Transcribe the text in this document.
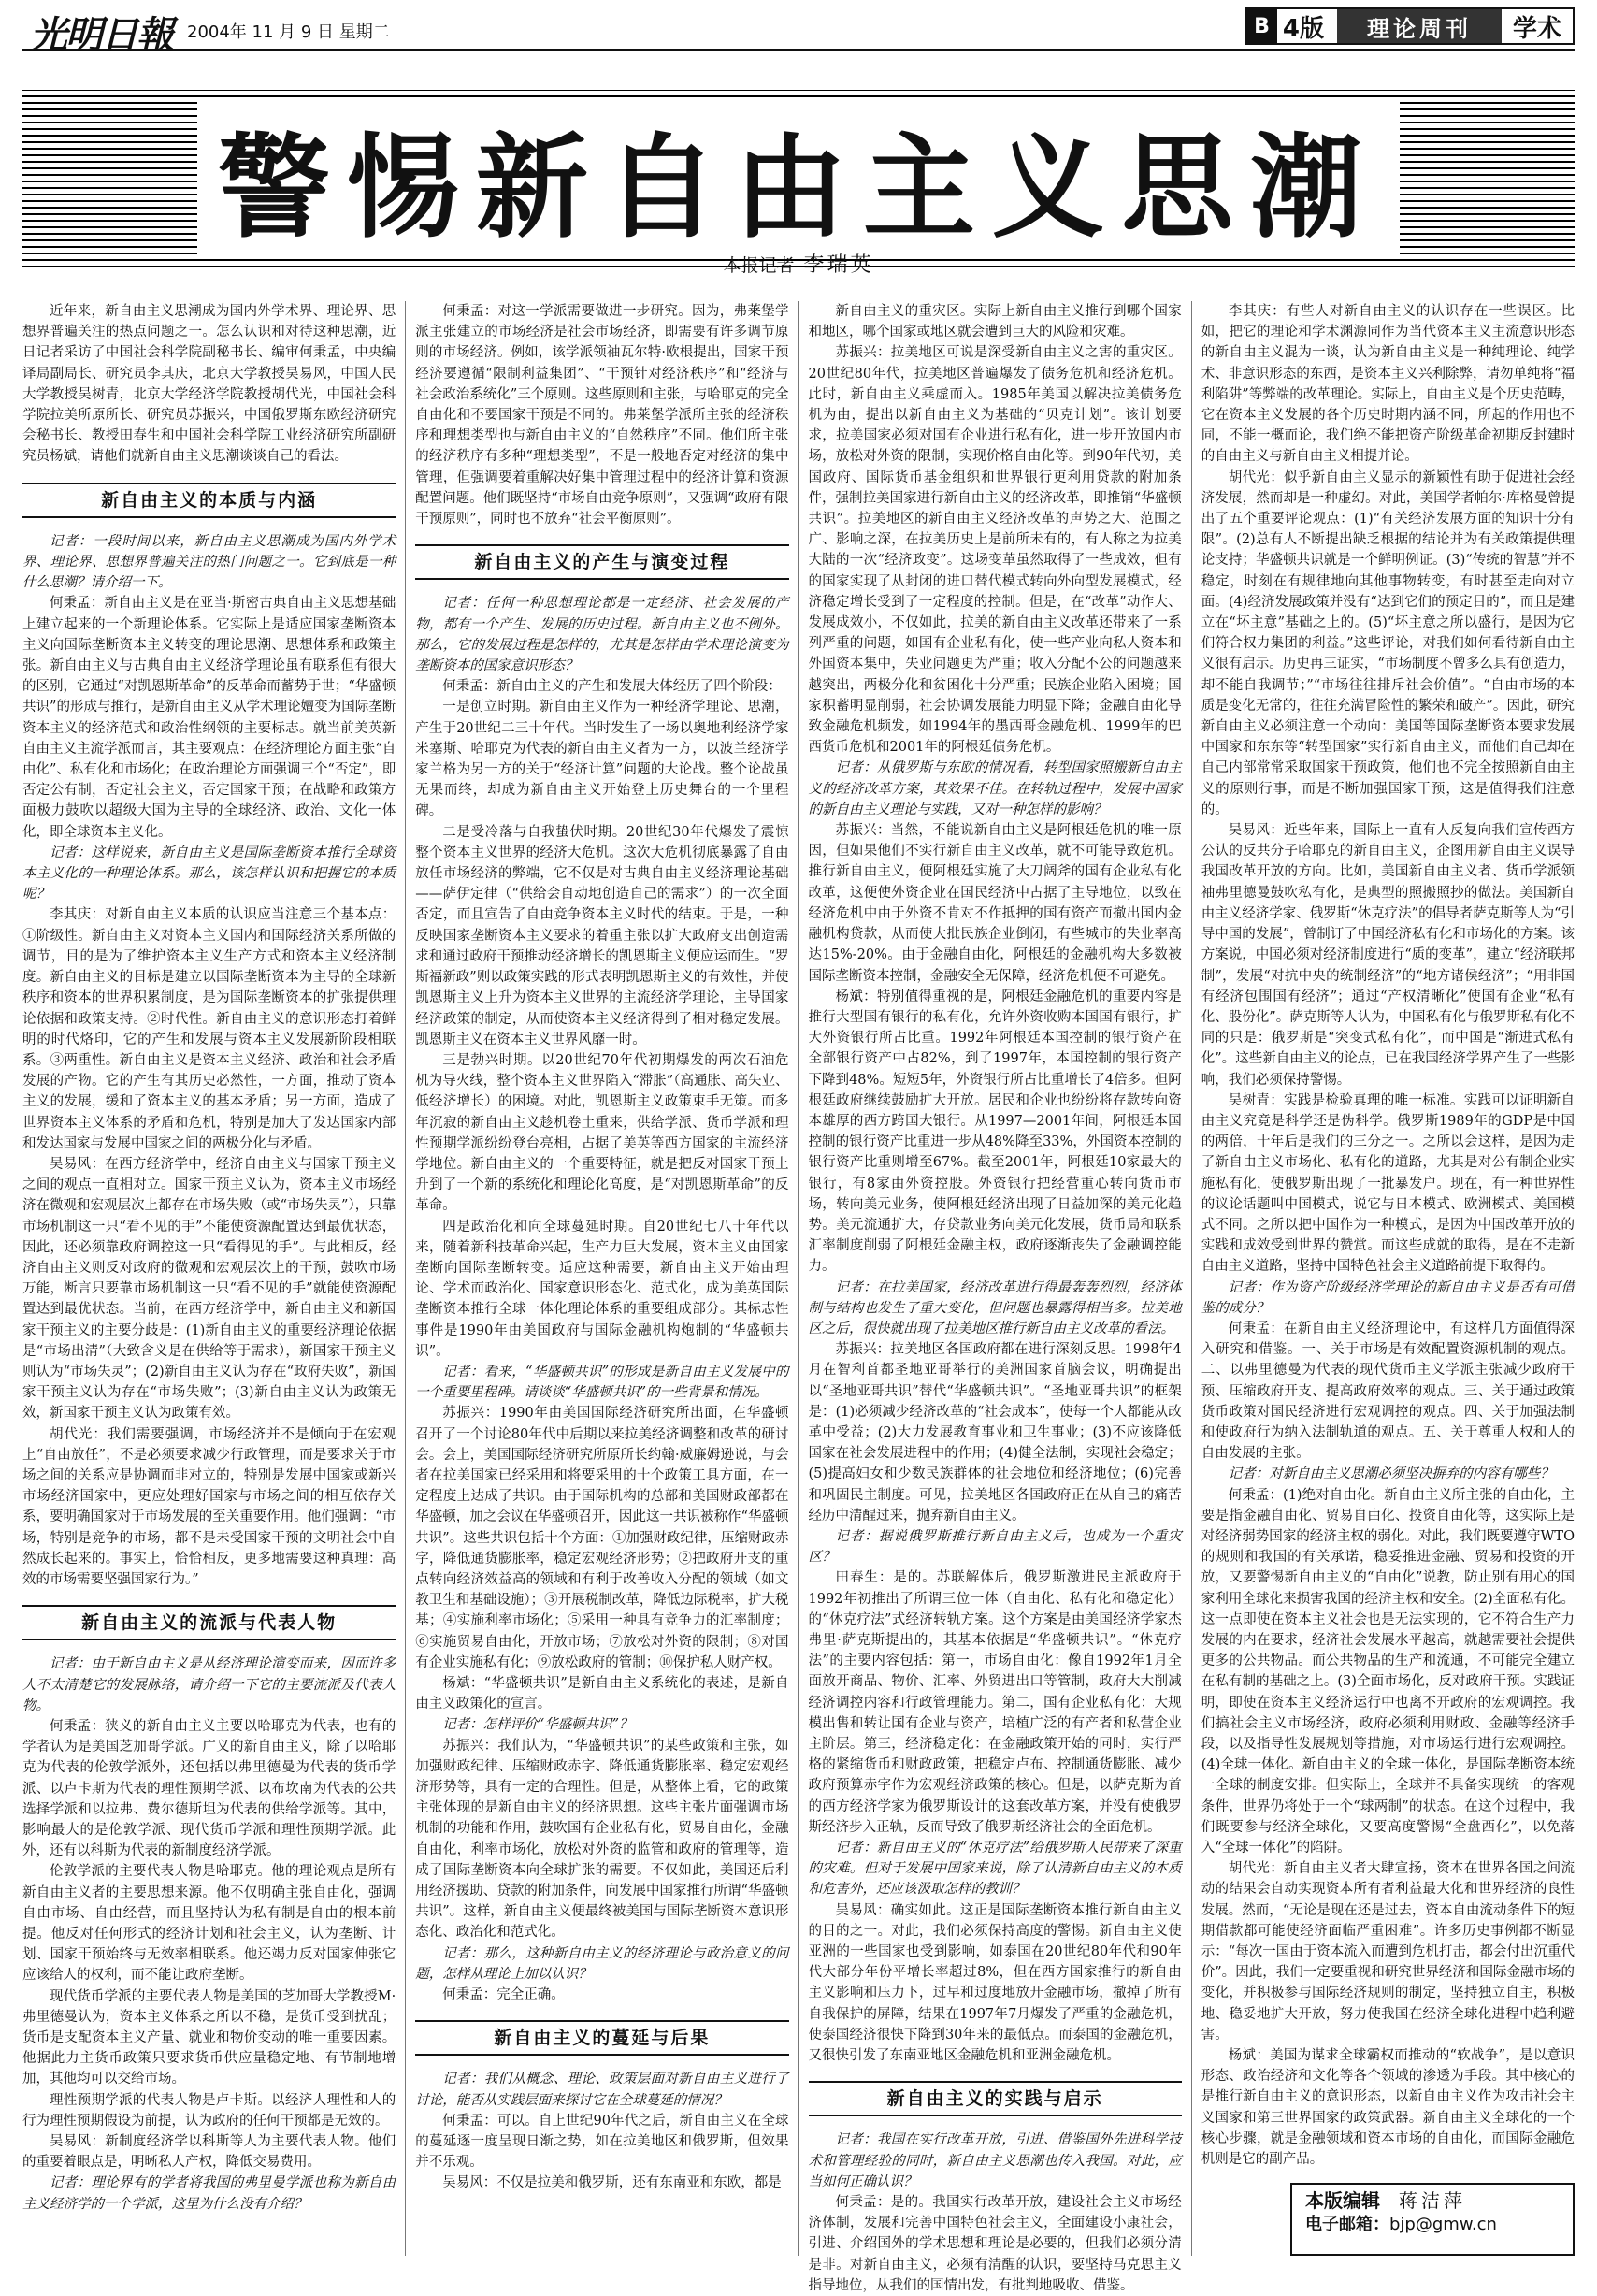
光明日報 2004年 11 月 9 日 星期二	B 4版	理论周刊	学术
警惕新自由主义思潮
本报记者 李瑞英

近年来，新自由主义思潮成为国内外学术界、理论界、思想界普遍关注的热点问题之一。怎么认识和对待这种思潮，近日记者采访了中国社会科学院副秘书长、编审何秉孟，中央编译局副局长、研究员李其庆，北京大学教授吴易风，中国人民大学教授吴树青，北京大学经济学院教授胡代光，中国社会科学院拉美所原所长、研究员苏振兴，中国俄罗斯东欧经济研究会秘书长、教授田春生和中国社会科学院工业经济研究所副研究员杨斌，请他们就新自由主义思潮谈谈自己的看法。

新自由主义的本质与内涵

记者：一段时间以来，新自由主义思潮成为国内外学术界、理论界、思想界普遍关注的热门问题之一。它到底是一种什么思潮？请介绍一下。

何秉孟：新自由主义是在亚当·斯密古典自由主义思想基础上建立起来的一个新理论体系。它实际上是适应国家垄断资本主义向国际垄断资本主义转变的理论思潮、思想体系和政策主张。新自由主义与古典自由主义经济学理论虽有联系但有很大的区别，它通过“对凯恩斯革命”的反革命而蓄势于世；“华盛顿共识”的形成与推行，是新自由主义从学术理论嬗变为国际垄断资本主义的经济范式和政治性纲领的主要标志。就当前美英新自由主义主流学派而言，其主要观点：在经济理论方面主张“自由化”、私有化和市场化；在政治理论方面强调三个“否定”，即否定公有制，否定社会主义，否定国家干预；在战略和政策方面极力鼓吹以超级大国为主导的全球经济、政治、文化一体化，即全球资本主义化。

记者：这样说来，新自由主义是国际垄断资本推行全球资本主义化的一种理论体系。那么，该怎样认识和把握它的本质呢？

李其庆：对新自由主义本质的认识应当注意三个基本点：①阶级性。新自由主义对资本主义国内和国际经济关系所做的调节，目的是为了维护资本主义生产方式和资本主义经济制度。新自由主义的目标是建立以国际垄断资本为主导的全球新秩序和资本的世界积累制度，是为国际垄断资本的扩张提供理论依据和政策支持。②时代性。新自由主义的意识形态打着鲜明的时代烙印，它的产生和发展与资本主义发展新阶段相联系。③两重性。新自由主义是资本主义经济、政治和社会矛盾发展的产物。它的产生有其历史必然性，一方面，推动了资本主义的发展，缓和了资本主义的基本矛盾；另一方面，造成了世界资本主义体系的矛盾和危机，特别是加大了发达国家内部和发达国家与发展中国家之间的两极分化与矛盾。

吴易风：在西方经济学中，经济自由主义与国家干预主义之间的观点一直相对立。国家干预主义认为，资本主义市场经济在微观和宏观层次上都存在市场失败（或“市场失灵”），只靠市场机制这一只“看不见的手”不能使资源配置达到最优状态，因此，还必须靠政府调控这一只“看得见的手”。与此相反，经济自由主义则反对政府的微观和宏观层次上的干预，鼓吹市场万能，断言只要靠市场机制这一只“看不见的手”就能使资源配置达到最优状态。当前，在西方经济学中，新自由主义和新国家干预主义的主要分歧是：(1)新自由主义的重要经济理论依据是“市场出清”（大致含义是在供给等于需求），新国家干预主义则认为“市场失灵”；(2)新自由主义认为存在“政府失败”，新国家干预主义认为存在“市场失败”；(3)新自由主义认为政策无效，新国家干预主义认为政策有效。

胡代光：我们需要强调，市场经济并不是倾向于在宏观上“自由放任”，不是必须要求减少行政管理，而是要求关于市场之间的关系应是协调而非对立的，特别是发展中国家或新兴市场经济国家中，更应处理好国家与市场之间的相互依存关系，要明确国家对于市场发展的至关重要作用。他们强调：“市场，特别是竞争的市场，都不是未受国家干预的文明社会中自然成长起来的。事实上，恰恰相反，更多地需要这种真理：高效的市场需要坚强国家行为。”

新自由主义的流派与代表人物

记者：由于新自由主义是从经济理论演变而来，因而许多人不太清楚它的发展脉络，请介绍一下它的主要流派及代表人物。

何秉孟：狭义的新自由主义主要以哈耶克为代表，也有的学者认为是美国芝加哥学派。广义的新自由主义，除了以哈耶克为代表的伦敦学派外，还包括以弗里德曼为代表的货币学派、以卢卡斯为代表的理性预期学派、以布坎南为代表的公共选择学派和以拉弗、费尔德斯坦为代表的供给学派等。其中，影响最大的是伦敦学派、现代货币学派和理性预期学派。此外，还有以科斯为代表的新制度经济学派。

伦敦学派的主要代表人物是哈耶克。他的理论观点是所有新自由主义者的主要思想来源。他不仅明确主张自由化，强调自由市场、自由经营，而且坚持认为私有制是自由的根本前提。他反对任何形式的经济计划和社会主义，认为垄断、计划、国家干预始终与无效率相联系。他还竭力反对国家伸张它应该给人的权利，而不能让政府垄断。

现代货币学派的主要代表人物是美国的芝加哥大学教授M·弗里德曼认为，资本主义体系之所以不稳，是货币受到扰乱；货币是支配资本主义产量、就业和物价变动的唯一重要因素。他据此力主货币政策只要求货币供应量稳定地、有节制地增加，其他均可以交给市场。

理性预期学派的代表人物是卢卡斯。以经济人理性和人的行为理性预期假设为前提，认为政府的任何干预都是无效的。

吴易风：新制度经济学以科斯等人为主要代表人物。他们的重要着眼点是，明晰私人产权，降低交易费用。

记者：理论界有的学者将我国的弗里曼学派也称为新自由主义经济学的一个学派，这里为什么没有介绍？

何秉孟：对这一学派需要做进一步研究。因为，弗莱堡学派主张建立的市场经济是社会市场经济，即需要有许多调节原则的市场经济。例如，该学派领袖瓦尔特·欧根提出，国家干预经济要遵循“限制利益集团”、“干预针对经济秩序”和“经济与社会政治系统化”三个原则。这些原则和主张，与哈耶克的完全自由化和不要国家干预是不同的。弗莱堡学派所主张的经济秩序和理想类型也与新自由主义的“自然秩序”不同。他们所主张的经济秩序有多种“理想类型”，不是一般地否定对经济的集中管理，但强调要着重解决好集中管理过程中的经济计算和资源配置问题。他们既坚持“市场自由竞争原则”，又强调“政府有限干预原则”，同时也不放弃“社会平衡原则”。

新自由主义的产生与演变过程

记者：任何一种思想理论都是一定经济、社会发展的产物，都有一个产生、发展的历史过程。新自由主义也不例外。那么，它的发展过程是怎样的，尤其是怎样由学术理论演变为垄断资本的国家意识形态？

何秉孟：新自由主义的产生和发展大体经历了四个阶段：

一是创立时期。新自由主义作为一种经济学理论、思潮，产生于20世纪二三十年代。当时发生了一场以奥地利经济学家米塞斯、哈耶克为代表的新自由主义者为一方，以波兰经济学家兰格为另一方的关于“经济计算”问题的大论战。整个论战虽无果而终，却成为新自由主义开始登上历史舞台的一个里程碑。

二是受冷落与自我蛰伏时期。20世纪30年代爆发了震惊整个资本主义世界的经济大危机。这次大危机彻底暴露了自由放任市场经济的弊端，它不仅是对古典自由主义经济理论基础——萨伊定律（“供给会自动地创造自己的需求”）的一次全面否定，而且宣告了自由竞争资本主义时代的结束。于是，一种反映国家垄断资本主义要求的着重主张以扩大政府支出创造需求和通过政府干预推动经济增长的凯恩斯主义便应运而生。“罗斯福新政”则以政策实践的形式表明凯恩斯主义的有效性，并使凯恩斯主义上升为资本主义世界的主流经济学理论，主导国家经济政策的制定，从而使资本主义经济得到了相对稳定发展。凯恩斯主义在资本主义世界风靡一时。

三是勃兴时期。以20世纪70年代初期爆发的两次石油危机为导火线，整个资本主义世界陷入“滞胀”（高通胀、高失业、低经济增长）的困境。对此，凯恩斯主义政策束手无策。而多年沉寂的新自由主义趁机卷土重来，供给学派、货币学派和理性预期学派纷纷登台亮相，占据了美英等西方国家的主流经济学地位。新自由主义的一个重要特征，就是把反对国家干预上升到了一个新的系统化和理论化高度，是“对凯恩斯革命”的反革命。

四是政治化和向全球蔓延时期。自20世纪七八十年代以来，随着新科技革命兴起，生产力巨大发展，资本主义由国家垄断向国际垄断转变。适应这种需要，新自由主义开始由理论、学术而政治化、国家意识形态化、范式化，成为美英国际垄断资本推行全球一体化理论体系的重要组成部分。其标志性事件是1990年由美国政府与国际金融机构炮制的“华盛顿共识”。

记者：看来，“华盛顿共识”的形成是新自由主义发展中的一个重要里程碑。请谈谈“华盛顿共识”的一些背景和情况。

苏振兴：1990年由美国国际经济研究所出面，在华盛顿召开了一个讨论80年代中后期以来拉美经济调整和改革的研讨会。会上，美国国际经济研究所原所长约翰·威廉姆逊说，与会者在拉美国家已经采用和将要采用的十个政策工具方面，在一定程度上达成了共识。由于国际机构的总部和美国财政部都在华盛顿，加之会议在华盛顿召开，因此这一共识被称作“华盛顿共识”。这些共识包括十个方面：①加强财政纪律，压缩财政赤字，降低通货膨胀率，稳定宏观经济形势；②把政府开支的重点转向经济效益高的领域和有利于改善收入分配的领域（如文教卫生和基础设施）；③开展税制改革，降低边际税率，扩大税基；④实施利率市场化；⑤采用一种具有竞争力的汇率制度；⑥实施贸易自由化，开放市场；⑦放松对外资的限制；⑧对国有企业实施私有化；⑨放松政府的管制；⑩保护私人财产权。

杨斌：“华盛顿共识”是新自由主义系统化的表述，是新自由主义政策化的宣言。

记者：怎样评价“华盛顿共识”？

苏振兴：我们认为，“华盛顿共识”的某些政策和主张，如加强财政纪律、压缩财政赤字、降低通货膨胀率、稳定宏观经济形势等，具有一定的合理性。但是，从整体上看，它的政策主张体现的是新自由主义的经济思想。这些主张片面强调市场机制的功能和作用，鼓吹国有企业私有化，贸易自由化，金融自由化，利率市场化，放松对外资的监管和政府的管理等，造成了国际垄断资本向全球扩张的需要。不仅如此，美国还后利用经济援助、贷款的附加条件，向发展中国家推行所谓“华盛顿共识”。这样，新自由主义便最终被美国与国际垄断资本意识形态化、政治化和范式化。

记者：那么，这种新自由主义的经济理论与政治意义的问题，怎样从理论上加以认识？

何秉孟：完全正确。

新自由主义的蔓延与后果

记者：我们从概念、理论、政策层面对新自由主义进行了讨论，能否从实践层面来探讨它在全球蔓延的情况？

何秉孟：可以。自上世纪90年代之后，新自由主义在全球的蔓延逐一度呈现日渐之势，如在拉美地区和俄罗斯，但效果并不乐观。

吴易风：不仅是拉美和俄罗斯，还有东南亚和东欧，都是

新自由主义的重灾区。实际上新自由主义推行到哪个国家和地区，哪个国家或地区就会遭到巨大的风险和灾难。

苏振兴：拉美地区可说是深受新自由主义之害的重灾区。20世纪80年代，拉美地区普遍爆发了债务危机和经济危机。此时，新自由主义乘虚而入。1985年美国以解决拉美债务危机为由，提出以新自由主义为基础的“贝克计划”。该计划要求，拉美国家必须对国有企业进行私有化，进一步开放国内市场，放松对外资的限制，实现价格自由化等。到90年代初，美国政府、国际货币基金组织和世界银行更利用贷款的附加条件，强制拉美国家进行新自由主义的经济改革，即推销“华盛顿共识”。拉美地区的新自由主义经济改革的声势之大、范围之广、影响之深，在拉美历史上是前所未有的，有人称之为拉美大陆的一次“经济政变”。这场变革虽然取得了一些成效，但有的国家实现了从封闭的进口替代模式转向外向型发展模式，经济稳定增长受到了一定程度的控制。但是，在“改革”动作大、发展成效小，不仅如此，拉美的新自由主义改革还带来了一系列严重的问题，如国有企业私有化，使一些产业向私人资本和外国资本集中，失业问题更为严重；收入分配不公的问题越来越突出，两极分化和贫困化十分严重；民族企业陷入困境；国家积蓄明显削弱，社会协调发展能力明显下降；金融自由化导致金融危机频发，如1994年的墨西哥金融危机、1999年的巴西货币危机和2001年的阿根廷债务危机。

记者：从俄罗斯与东欧的情况看，转型国家照搬新自由主义的经济改革方案，其效果不佳。在转轨过程中，发展中国家的新自由主义理论与实践，又对一种怎样的影响？

苏振兴：当然，不能说新自由主义是阿根廷危机的唯一原因，但如果他们不实行新自由主义改革，就不可能导致危机。推行新自由主义，便阿根廷实施了大刀阔斧的国有企业私有化改革，这便使外资企业在国民经济中占据了主导地位，以致在经济危机中由于外资不肯对不作抵押的国有资产而撤出国内金融机构贷款，从而使大批民族企业倒闭，有些城市的失业率高达15%-20%。由于金融自由化，阿根廷的金融机构大多数被国际垄断资本控制，金融安全无保障，经济危机便不可避免。

杨斌：特别值得重视的是，阿根廷金融危机的重要内容是推行大型国有银行的私有化，允许外资收购本国国有银行，扩大外资银行所占比重。1992年阿根廷本国控制的银行资产在全部银行资产中占82%，到了1997年，本国控制的银行资产下降到48%。短短5年，外资银行所占比重增长了4倍多。但阿根廷政府继续鼓励扩大开放。居民和企业也纷纷将存款转向资本雄厚的西方跨国大银行。从1997—2001年间，阿根廷本国控制的银行资产比重进一步从48%降至33%，外国资本控制的银行资产比重则增至67%。截至2001年，阿根廷10家最大的银行，有8家由外资控股。外资银行把经营重心转向货币市场，转向美元业务，使阿根廷经济出现了日益加深的美元化趋势。美元流通扩大，存贷款业务向美元化发展，货币局和联系汇率制度削弱了阿根廷金融主权，政府逐渐丧失了金融调控能力。

记者：在拉美国家，经济改革进行得最轰轰烈烈，经济体制与结构也发生了重大变化，但问题也暴露得相当多。拉美地区之后，很快就出现了拉美地区推行新自由主义改革的看法。

苏振兴：拉美地区各国政府都在进行深刻反思。1998年4月在智利首都圣地亚哥举行的美洲国家首脑会议，明确提出以“圣地亚哥共识”替代“华盛顿共识”。“圣地亚哥共识”的框架是：(1)必须减少经济改革的“社会成本”，使每一个人都能从改革中受益；(2)大力发展教育事业和卫生事业；(3)不应该降低国家在社会发展进程中的作用；(4)健全法制，实现社会稳定；(5)提高妇女和少数民族群体的社会地位和经济地位；(6)完善和巩固民主制度。可见，拉美地区各国政府正在从自己的痛苦经历中清醒过来，抛弃新自由主义。

记者：据说俄罗斯推行新自由主义后，也成为一个重灾区？

田春生：是的。苏联解体后，俄罗斯激进民主派政府于1992年初推出了所谓三位一体（自由化、私有化和稳定化）的“休克疗法”式经济转轨方案。这个方案是由美国经济学家杰弗里·萨克斯提出的，其基本依据是“华盛顿共识”。“休克疗法”的主要内容包括：第一，市场自由化：像自1992年1月全面放开商品、物价、汇率、外贸进出口等管制，政府大大削减经济调控内容和行政管理能力。第二，国有企业私有化：大规模出售和转让国有企业与资产，培植广泛的有产者和私营企业主阶层。第三，经济稳定化：在金融政策开始的同时，实行严格的紧缩货币和财政政策，把稳定卢布、控制通货膨胀、减少政府预算赤字作为宏观经济政策的核心。但是，以萨克斯为首的西方经济学家为俄罗斯设计的这套改革方案，并没有使俄罗斯经济步入正轨，反而导致了俄罗斯经济社会的全面危机。

记者：新自由主义的“休克疗法”给俄罗斯人民带来了深重的灾难。但对于发展中国家来说，除了认清新自由主义的本质和危害外，还应该汲取怎样的教训？

吴易风：确实如此。这正是国际垄断资本推行新自由主义的目的之一。对此，我们必须保持高度的警惕。新自由主义使亚洲的一些国家也受到影响，如泰国在20世纪80年代和90年代大部分年份平增长率超过8%，但在西方国家推行的新自由主义影响和压力下，过早和过度地放开金融市场，撤掉了所有自我保护的屏障，结果在1997年7月爆发了严重的金融危机，使泰国经济很快下降到30年来的最低点。而泰国的金融危机，又很快引发了东南亚地区金融危机和亚洲金融危机。

新自由主义的实践与启示

记者：我国在实行改革开放，引进、借鉴国外先进科学技术和管理经验的同时，新自由主义思潮也传入我国。对此，应当如何正确认识？

何秉孟：是的。我国实行改革开放，建设社会主义市场经济体制，发展和完善中国特色社会主义，全面建设小康社会，引进、介绍国外的学术思想和理论是必要的，但我们必须分清是非。对新自由主义，必须有清醒的认识，要坚持马克思主义指导地位，从我们的国情出发，有批判地吸收、借鉴。

李其庆：有些人对新自由主义的认识存在一些误区。比如，把它的理论和学术渊源同作为当代资本主义主流意识形态的新自由主义混为一谈，认为新自由主义是一种纯理论、纯学术、非意识形态的东西，是资本主义兴利除弊，请勿单纯将“福利陷阱”等弊端的改革理论。实际上，自由主义是个历史范畴，它在资本主义发展的各个历史时期内涵不同，所起的作用也不同，不能一概而论，我们绝不能把资产阶级革命初期反封建时的自由主义与新自由主义相提并论。

胡代光：似乎新自由主义显示的新颖性有助于促进社会经济发展，然而却是一种虚幻。对此，美国学者帕尔·库格曼曾提出了五个重要评论观点：(1)“有关经济发展方面的知识十分有限”。(2)总有人不断提出缺乏根据的结论并为有关政策提供理论支持；华盛顿共识就是一个鲜明例证。(3)“传统的智慧”并不稳定，时刻在有规律地向其他事物转变，有时甚至走向对立面。(4)经济发展政策并没有“达到它们的预定目的”，而且是建立在“坏主意”基础之上的。(5)“坏主意之所以盛行，是因为它们符合权力集团的利益。”这些评论，对我们如何看待新自由主义很有启示。历史再三证实，“市场制度不曾多么具有创造力，却不能自我调节；”“市场往往排斥社会价值”。“自由市场的本质是变化无常的，往往充满冒险性的繁荣和破产”。因此，研究新自由主义必须注意一个动向：美国等国际垄断资本要求发展中国家和东东等“转型国家”实行新自由主义，而他们自己却在自己内部常常采取国家干预政策，他们也不完全按照新自由主义的原则行事，而是不断加强国家干预，这是值得我们注意的。

吴易风：近些年来，国际上一直有人反复向我们宣传西方公认的反共分子哈耶克的新自由主义，企图用新自由主义误导我国改革开放的方向。比如，美国新自由主义者、货币学派领袖弗里德曼鼓吹私有化，是典型的照搬照抄的做法。美国新自由主义经济学家、俄罗斯“休克疗法”的倡导者萨克斯等人为“引导中国的发展”，曾制订了中国经济私有化和市场化的方案。该方案说，中国必须对经济制度进行“质的变革”，建立“经济联邦制”，发展“对抗中央的统制经济”的“地方诸侯经济”；“用非国有经济包围国有经济”；通过“产权清晰化”使国有企业“私有化、股份化”。萨克斯等人认为，中国私有化与俄罗斯私有化不同的只是：俄罗斯是“突变式私有化”，而中国是“渐进式私有化”。这些新自由主义的论点，已在我国经济学界产生了一些影响，我们必须保持警惕。

吴树青：实践是检验真理的唯一标准。实践可以证明新自由主义究竟是科学还是伪科学。俄罗斯1989年的GDP是中国的两倍，十年后是我们的三分之一。之所以会这样，是因为走了新自由主义市场化、私有化的道路，尤其是对公有制企业实施私有化，使俄罗斯出现了一批暴发户。现在，有一种世界性的议论话题叫中国模式，说它与日本模式、欧洲模式、美国模式不同。之所以把中国作为一种模式，是因为中国改革开放的实践和成效受到世界的赞赏。而这些成就的取得，是在不走新自由主义道路，坚持中国特色社会主义道路前提下取得的。

记者：作为资产阶级经济学理论的新自由主义是否有可借鉴的成分？

何秉孟：在新自由主义经济理论中，有这样几方面值得深入研究和借鉴。一、关于市场是有效配置资源机制的观点。二、以弗里德曼为代表的现代货币主义学派主张减少政府干预、压缩政府开支、提高政府效率的观点。三、关于通过政策货币政策对国民经济进行宏观调控的观点。四、关于加强法制和使政府行为纳入法制轨道的观点。五、关于尊重人权和人的自由发展的主张。

记者：对新自由主义思潮必须坚决摒弃的内容有哪些？

何秉孟：(1)绝对自由化。新自由主义所主张的自由化，主要是指金融自由化、贸易自由化、投资自由化等，这实际上是对经济弱势国家的经济主权的弱化。对此，我们既要遵守WTO的规则和我国的有关承诺，稳妥推进金融、贸易和投资的开放，又要警惕新自由主义的“自由化”说教，防止别有用心的国家利用全球化来损害我国的经济主权和安全。(2)全面私有化。这一点即使在资本主义社会也是无法实现的，它不符合生产力发展的内在要求，经济社会发展水平越高，就越需要社会提供更多的公共物品。而公共物品的生产和流通，不可能完全建立在私有制的基础之上。(3)全面市场化，反对政府干预。实践证明，即使在资本主义经济运行中也离不开政府的宏观调控。我们搞社会主义市场经济，政府必须利用财政、金融等经济手段，以及指导性发展规划等措施，对市场运行进行宏观调控。(4)全球一体化。新自由主义的全球一体化，是国际垄断资本统一全球的制度安排。但实际上，全球并不具备实现统一的客观条件，世界仍将处于一个“球两制”的状态。在这个过程中，我们既要参与经济全球化，又要高度警惕“全盘西化”，以免落入“全球一体化”的陷阱。

胡代光：新自由主义者大肆宣扬，资本在世界各国之间流动的结果会自动实现资本所有者利益最大化和世界经济的良性发展。然而，“无论是现在还是过去，资本自由流动条件下的短期借款都可能使经济面临严重困难”。许多历史事例都不断显示：“每次一国由于资本流入而遭到危机打击，都会付出沉重代价”。因此，我们一定要重视和研究世界经济和国际金融市场的变化，并积极参与国际经济规则的制定，坚持独立自主，积极地、稳妥地扩大开放，努力使我国在经济全球化进程中趋利避害。

杨斌：美国为谋求全球霸权而推动的“软战争”，是以意识形态、政治经济和文化等各个领域的渗透为手段。其中核心的是推行新自由主义的意识形态，以新自由主义作为攻击社会主义国家和第三世界国家的政策武器。新自由主义全球化的一个核心步骤，就是金融领域和资本市场的自由化，而国际金融危机则是它的副产品。

本版编辑 蒋洁萍
电子邮箱：bjp@gmw.cn
